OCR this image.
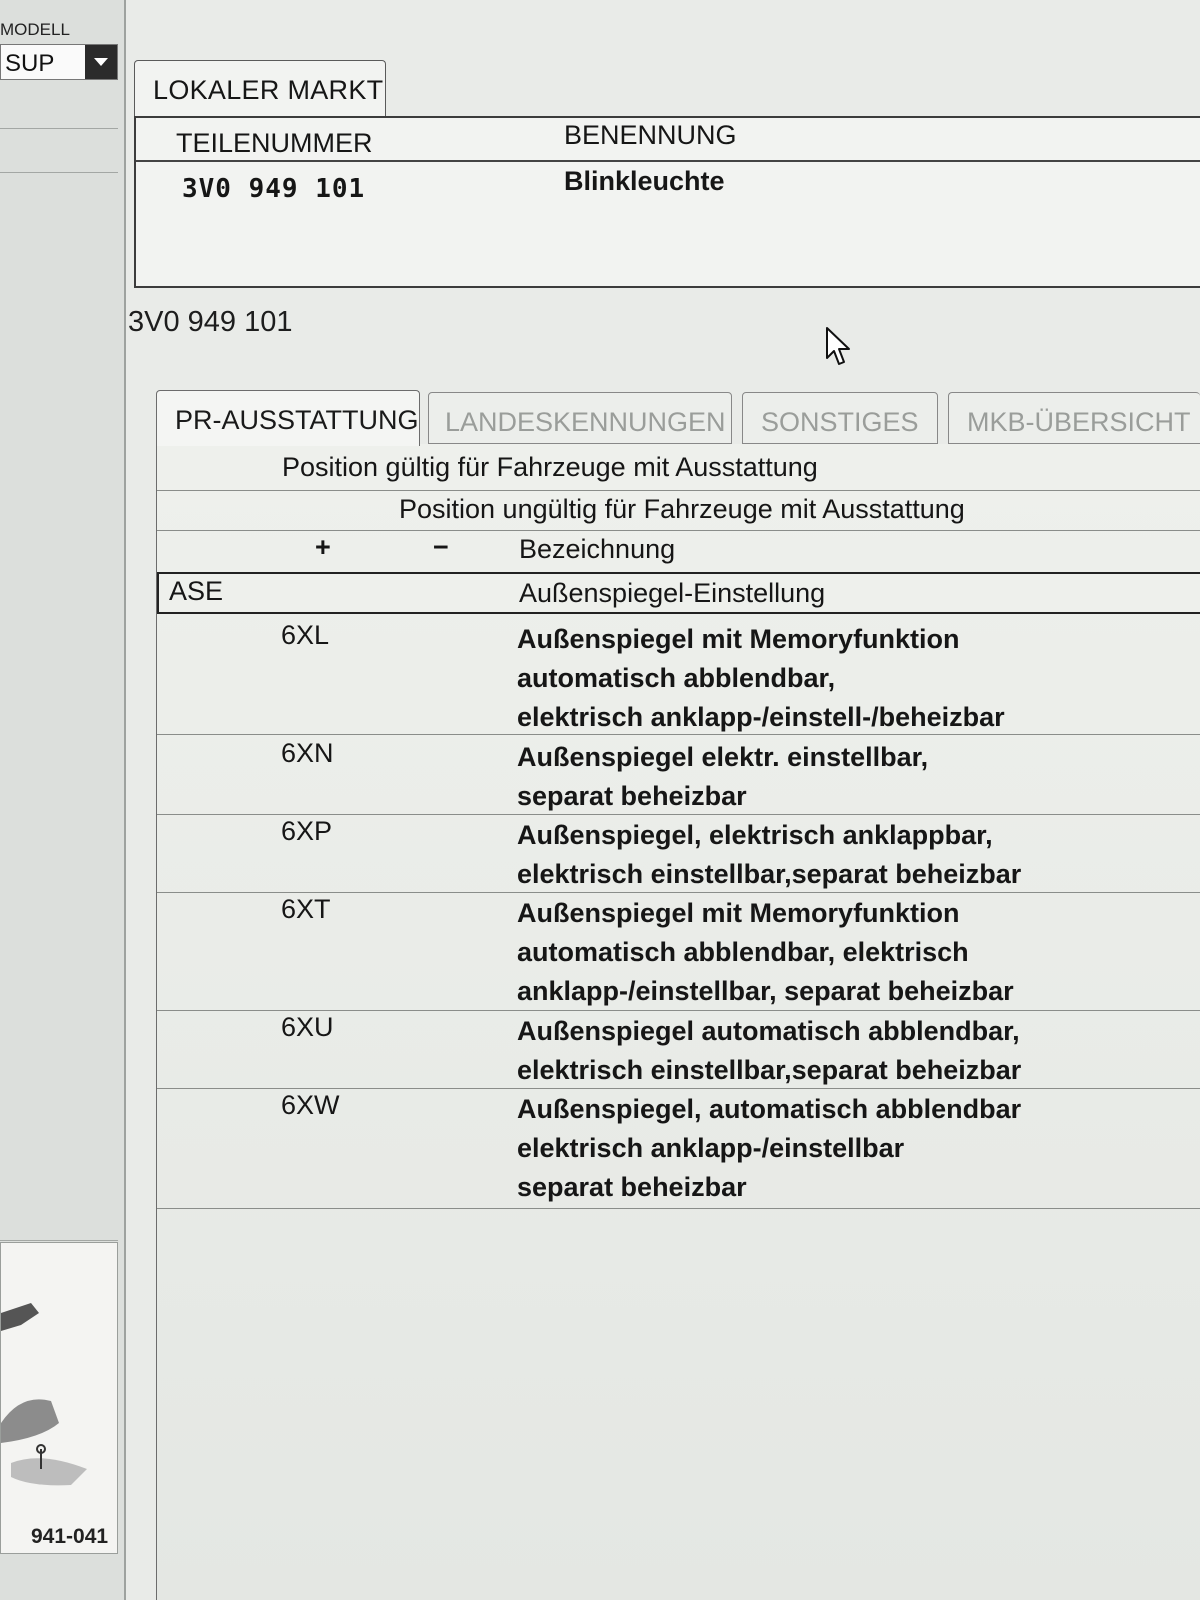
MODELL
SUP
941-041
LOKALER MARKT
TEILENUMMER	BENENNUNG
3V0 949 101	Blinkleuchte
3V0 949 101
PR-AUSSTATTUNG LANDESKENNUNGEN SONSTIGES MKB-ÜBERSICHT
Position gültig für Fahrzeuge mit Ausstattung
Position ungültig für Fahrzeuge mit Ausstattung
+	−	Bezeichnung
ASE	Außenspiegel-Einstellung
6XL	Außenspiegel mit Memoryfunktion
automatisch abblendbar,
elektrisch anklapp-/einstell-/beheizbar
6XN	Außenspiegel elektr. einstellbar,
separat beheizbar
6XP	Außenspiegel, elektrisch anklappbar,
elektrisch einstellbar,separat beheizbar
6XT	Außenspiegel mit Memoryfunktion
automatisch abblendbar, elektrisch
anklapp-/einstellbar, separat beheizbar
6XU	Außenspiegel automatisch abblendbar,
elektrisch einstellbar,separat beheizbar
6XW	Außenspiegel, automatisch abblendbar
elektrisch anklapp-/einstellbar
separat beheizbar
